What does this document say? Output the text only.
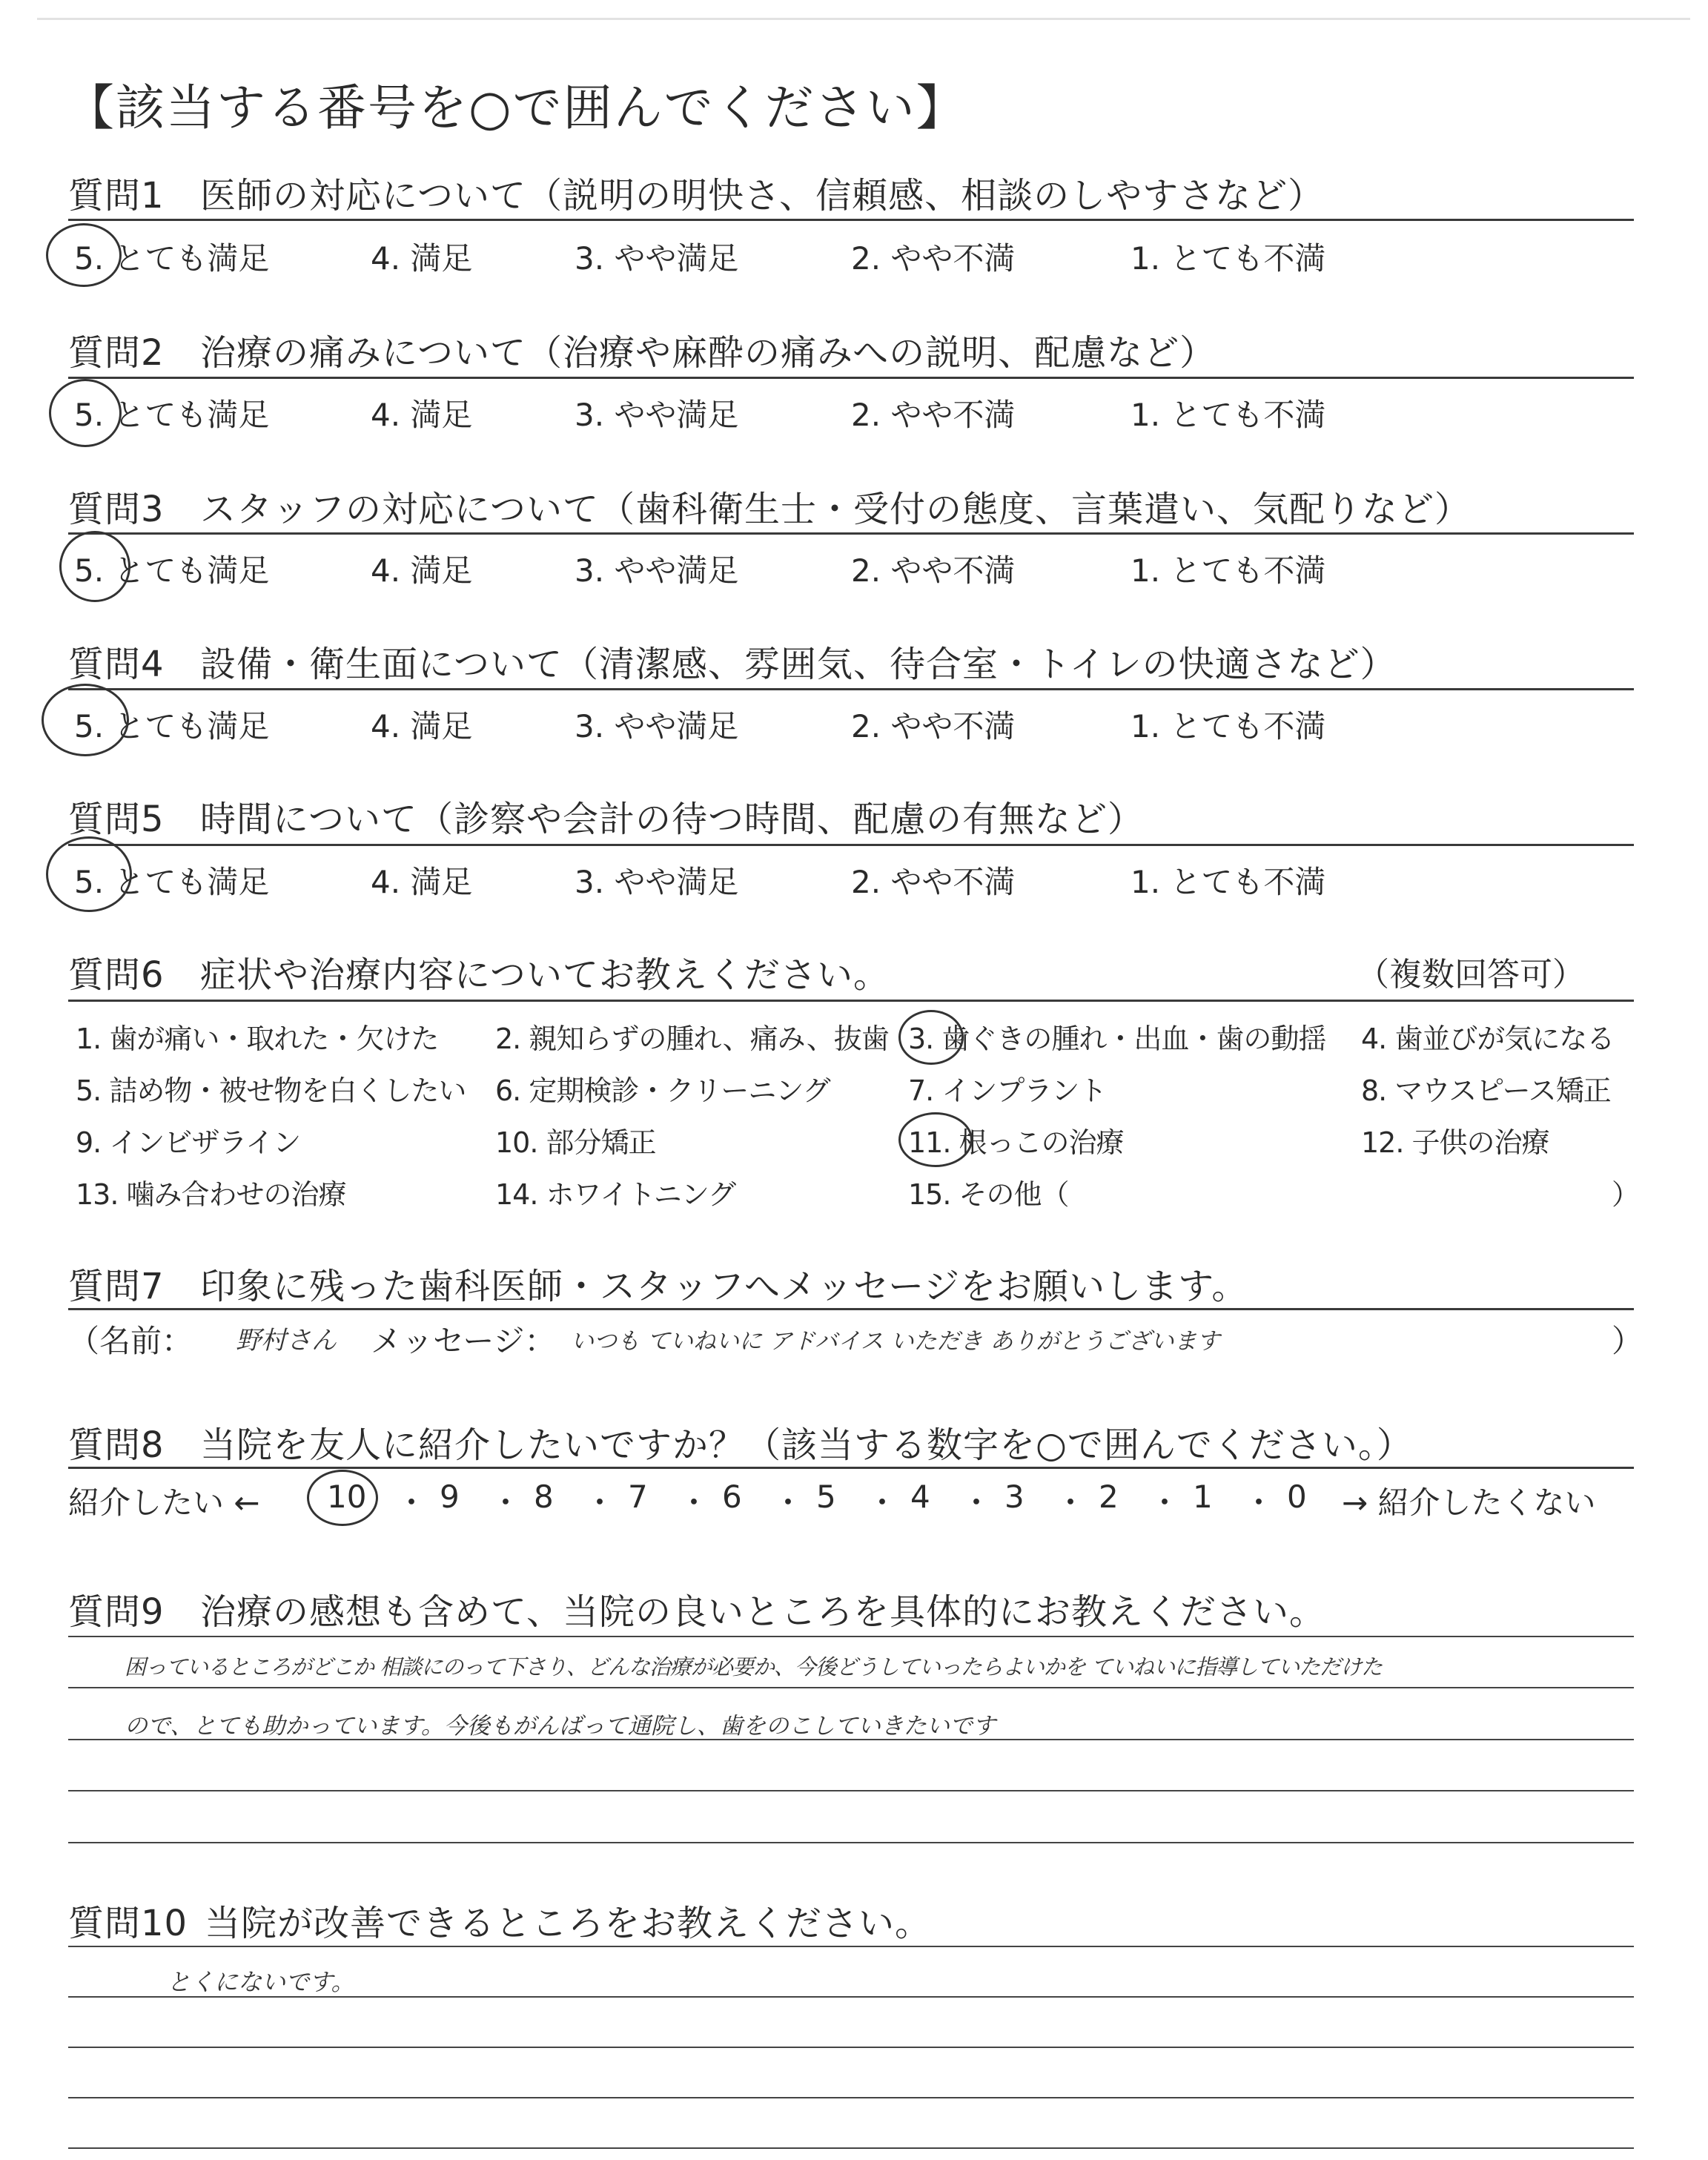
【該当する番号を○で囲んでください】
質問1 医師の対応について（説明の明快さ、信頼感、相談のしやすさなど）
5. とても満足	4. 満足	3. やや満足	2. やや不満	1. とても不満
質問2 治療の痛みについて（治療や麻酔の痛みへの説明、配慮など）
5. とても満足	4. 満足	3. やや満足	2. やや不満	1. とても不満
質問3 スタッフの対応について（歯科衛生士・受付の態度、言葉遣い、気配りなど）
5. とても満足	4. 満足	3. やや満足	2. やや不満	1. とても不満
質問4 設備・衛生面について（清潔感、雰囲気、待合室・トイレの快適さなど）
5. とても満足	4. 満足	3. やや満足	2. やや不満	1. とても不満
質問5 時間について（診察や会計の待つ時間、配慮の有無など）
5. とても満足	4. 満足	3. やや満足	2. やや不満	1. とても不満
質問6 症状や治療内容についてお教えください。	（複数回答可）
1. 歯が痛い・取れた・欠けた 2. 親知らずの腫れ、痛み、抜歯 3. 歯ぐきの腫れ・出血・歯の動揺 4. 歯並びが気になる
5. 詰め物・被せ物を白くしたい 6. 定期検診・クリーニング	7. インプラント	8. マウスピース矯正
9. インビザライン	10. 部分矯正	11. 根っこの治療	12. 子供の治療
13. 噛み合わせの治療	14. ホワイトニング	15. その他（	）
質問7 印象に残った歯科医師・スタッフへメッセージをお願いします。
（名前： 野村さん メッセージ： いつも ていねいに アドバイス いただき ありがとうございます	）
質問8 当院を友人に紹介したいですか？（該当する数字を○で囲んでください。）
紹介したい ←	→ 紹介したくない
10 ・ 9 ・ 8 ・ 7 ・ 6 ・ 5 ・ 4 ・ 3 ・ 2 ・ 1 ・ 0
質問9 治療の感想も含めて、当院の良いところを具体的にお教えください。
困っているところがどこか 相談にのって下さり、どんな治療が必要か、今後どうしていったらよいかを ていねいに指導していただけた
ので、とても助かっています。今後もがんばって通院し、歯をのこしていきたいです
質問10 当院が改善できるところをお教えください。
とくにないです。
